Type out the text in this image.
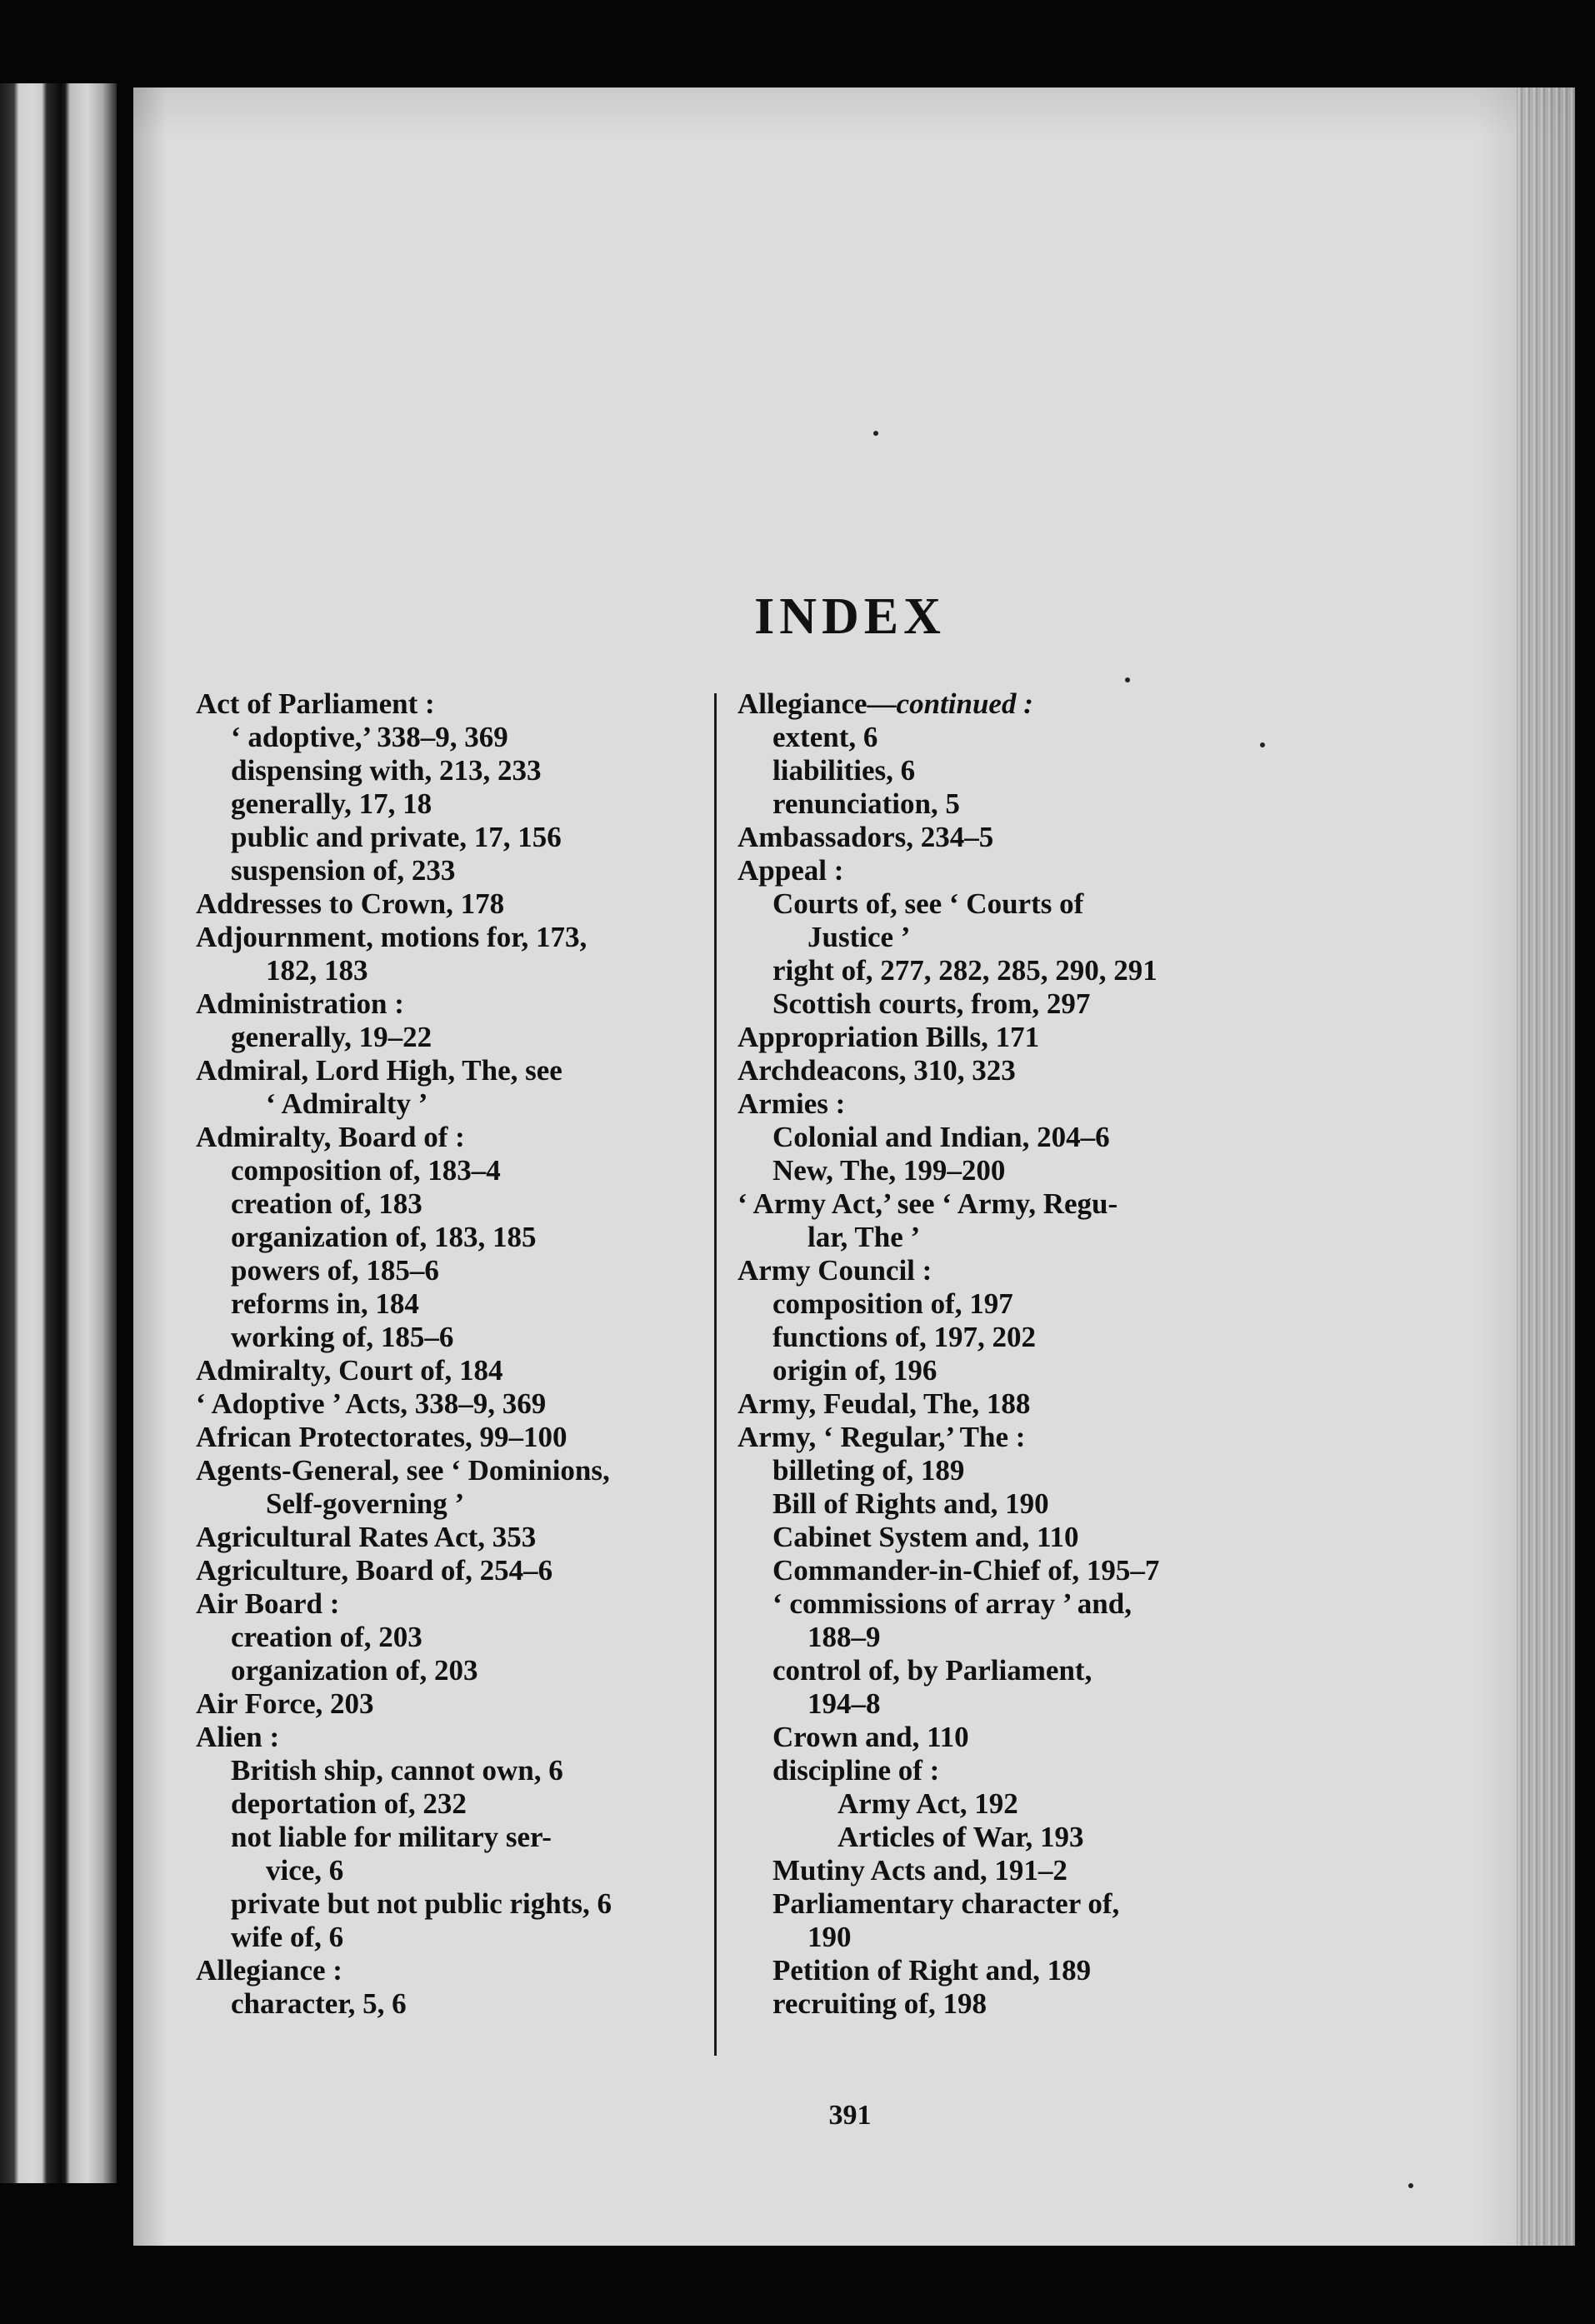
INDEX
Act of Parliament :
‘ adoptive,’ 338–9, 369
dispensing with, 213, 233
generally, 17, 18
public and private, 17, 156
suspension of, 233
Addresses to Crown, 178
Adjournment, motions for, 173,
182, 183
Administration :
generally, 19–22
Admiral, Lord High, The, see
‘ Admiralty ’
Admiralty, Board of :
composition of, 183–4
creation of, 183
organization of, 183, 185
powers of, 185–6
reforms in, 184
working of, 185–6
Admiralty, Court of, 184
‘ Adoptive ’ Acts, 338–9, 369
African Protectorates, 99–100
Agents-General, see ‘ Dominions,
Self-governing ’
Agricultural Rates Act, 353
Agriculture, Board of, 254–6
Air Board :
creation of, 203
organization of, 203
Air Force, 203
Alien :
British ship, cannot own, 6
deportation of, 232
not liable for military ser-
vice, 6
private but not public rights, 6
wife of, 6
Allegiance :
character, 5, 6
Allegiance—continued :
extent, 6
liabilities, 6
renunciation, 5
Ambassadors, 234–5
Appeal :
Courts of, see ‘ Courts of
Justice ’
right of, 277, 282, 285, 290, 291
Scottish courts, from, 297
Appropriation Bills, 171
Archdeacons, 310, 323
Armies :
Colonial and Indian, 204–6
New, The, 199–200
‘ Army Act,’ see ‘ Army, Regu-
lar, The ’
Army Council :
composition of, 197
functions of, 197, 202
origin of, 196
Army, Feudal, The, 188
Army, ‘ Regular,’ The :
billeting of, 189
Bill of Rights and, 190
Cabinet System and, 110
Commander-in-Chief of, 195–7
‘ commissions of array ’ and,
188–9
control of, by Parliament,
194–8
Crown and, 110
discipline of :
Army Act, 192
Articles of War, 193
Mutiny Acts and, 191–2
Parliamentary character of,
190
Petition of Right and, 189
recruiting of, 198
391
